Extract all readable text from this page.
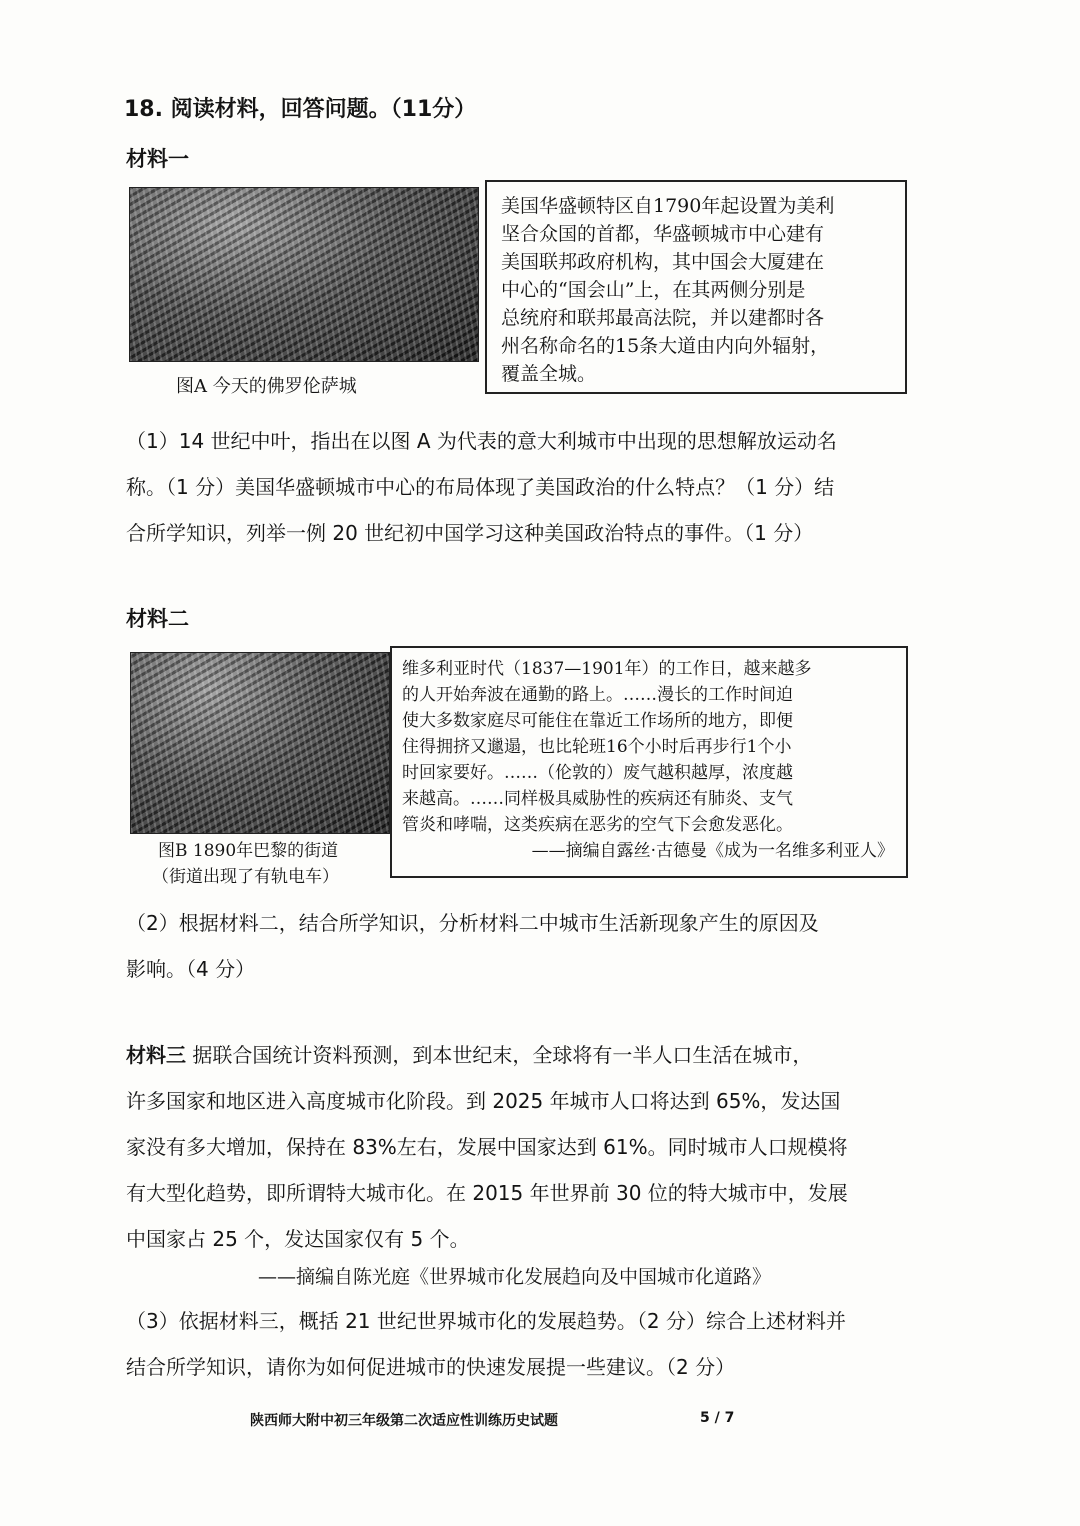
18. 阅读材料，回答问题。（11分）
材料一
图A 今天的佛罗伦萨城

美国华盛顿特区自1790年起设置为美利

坚合众国的首都，华盛顿城市中心建有

美国联邦政府机构，其中国会大厦建在

中心的“国会山”上，在其两侧分别是

总统府和联邦最高法院，并以建都时各

州名称命名的15条大道由内向外辐射，

覆盖全城。

（1）14 世纪中叶，指出在以图 A 为代表的意大利城市中出现的思想解放运动名
称。（1 分）美国华盛顿城市中心的布局体现了美国政治的什么特点？（1 分）结
合所学知识，列举一例 20 世纪初中国学习这种美国政治特点的事件。（1 分）
材料二
图B 1890年巴黎的街道
（街道出现了有轨电车）

维多利亚时代（1837—1901年）的工作日，越来越多

的人开始奔波在通勤的路上。……漫长的工作时间迫

使大多数家庭尽可能住在靠近工作场所的地方，即便

住得拥挤又邋遢，也比轮班16个小时后再步行1个小

时回家要好。……（伦敦的）废气越积越厚，浓度越

来越高。……同样极具威胁性的疾病还有肺炎、支气

管炎和哮喘，这类疾病在恶劣的空气下会愈发恶化。

——摘编自露丝·古德曼《成为一名维多利亚人》

（2）根据材料二，结合所学知识，分析材料二中城市生活新现象产生的原因及
影响。（4 分）
材料三 据联合国统计资料预测，到本世纪末，全球将有一半人口生活在城市，
许多国家和地区进入高度城市化阶段。到 2025 年城市人口将达到 65%，发达国
家没有多大增加，保持在 83%左右，发展中国家达到 61%。同时城市人口规模将
有大型化趋势，即所谓特大城市化。在 2015 年世界前 30 位的特大城市中，发展
中国家占 25 个，发达国家仅有 5 个。
——摘编自陈光庭《世界城市化发展趋向及中国城市化道路》
（3）依据材料三，概括 21 世纪世界城市化的发展趋势。（2 分）综合上述材料并
结合所学知识，请你为如何促进城市的快速发展提一些建议。（2 分）
陕西师大附中初三年级第二次适应性训练历史试题	5 / 7
